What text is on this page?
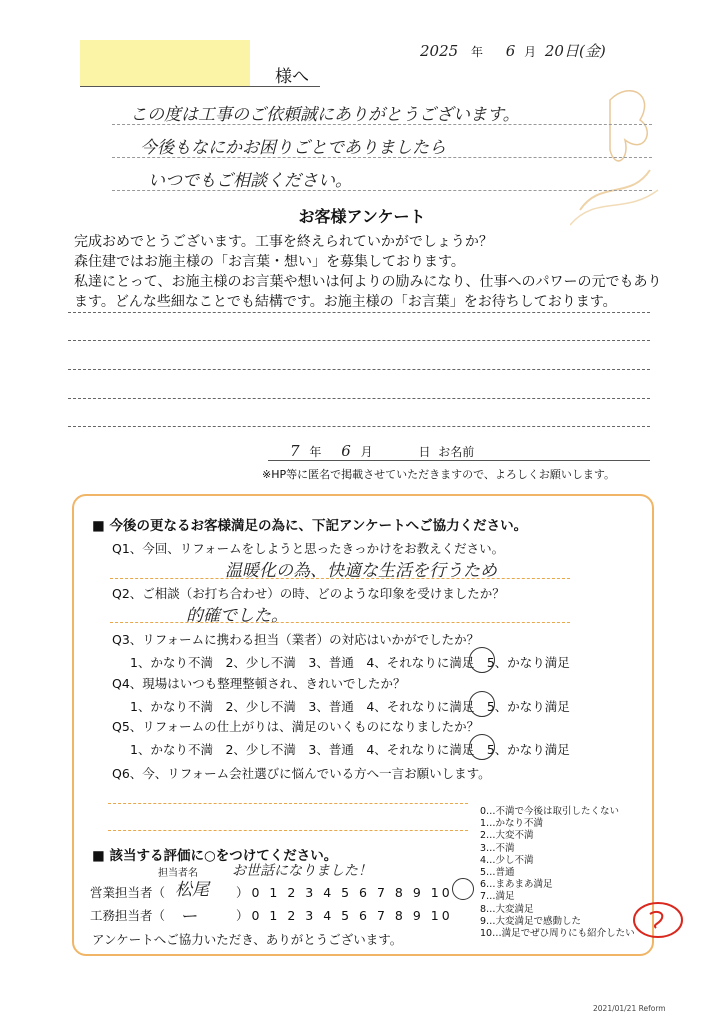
様へ
2025 年 6 月 20日(金)
この度は工事のご依頼誠にありがとうございます。
今後もなにかお困りごとでありましたら
いつでもご相談ください。
お客様アンケート
完成おめでとうございます。工事を終えられていかがでしょうか？
森住建ではお施主様の「お言葉・想い」を募集しております。
私達にとって、お施主様のお言葉や想いは何よりの励みになり、仕事へのパワーの元でもあり
ます。どんな些細なことでも結構です。お施主様の「お言葉」をお待ちしております。
7 年 6 月	日 お名前
※HP等に匿名で掲載させていただきますので、よろしくお願いします。
■ 今後の更なるお客様満足の為に、下記アンケートへご協力ください。
Q1、今回、リフォームをしようと思ったきっかけをお教えください。
温暖化の為、快適な生活を行うため
Q2、ご相談（お打ち合わせ）の時、どのような印象を受けましたか？
的確でした。
Q3、リフォームに携わる担当（業者）の対応はいかがでしたか？
1、かなり不満　2、少し不満　3、普通　4、それなりに満足　5、かなり満足
Q4、現場はいつも整理整頓され、きれいでしたか？
1、かなり不満　2、少し不満　3、普通　4、それなりに満足　5、かなり満足
Q5、リフォームの仕上がりは、満足のいくものになりましたか？
1、かなり不満　2、少し不満　3、普通　4、それなりに満足　5、かなり満足
Q6、今、リフォーム会社選びに悩んでいる方へ一言お願いします。
0…不満で今後は取引したくない
1…かなり不満
2…大変不満
3…不満
4…少し不満
5…普通
6…まあまあ満足
7…満足
8…大変満足
9…大変満足で感動した
10…満足でぜひ周りにも紹介したい
■ 該当する評価に○をつけてください。
担当者名 お世話になりました！
営業担当者（ 松尾 ）0 1 2 3 4 5 6 7 8 9 10
工務担当者（ ー	）0 1 2 3 4 5 6 7 8 9 10
アンケートへご協力いただき、ありがとうございます。
2021/01/21 Reform
